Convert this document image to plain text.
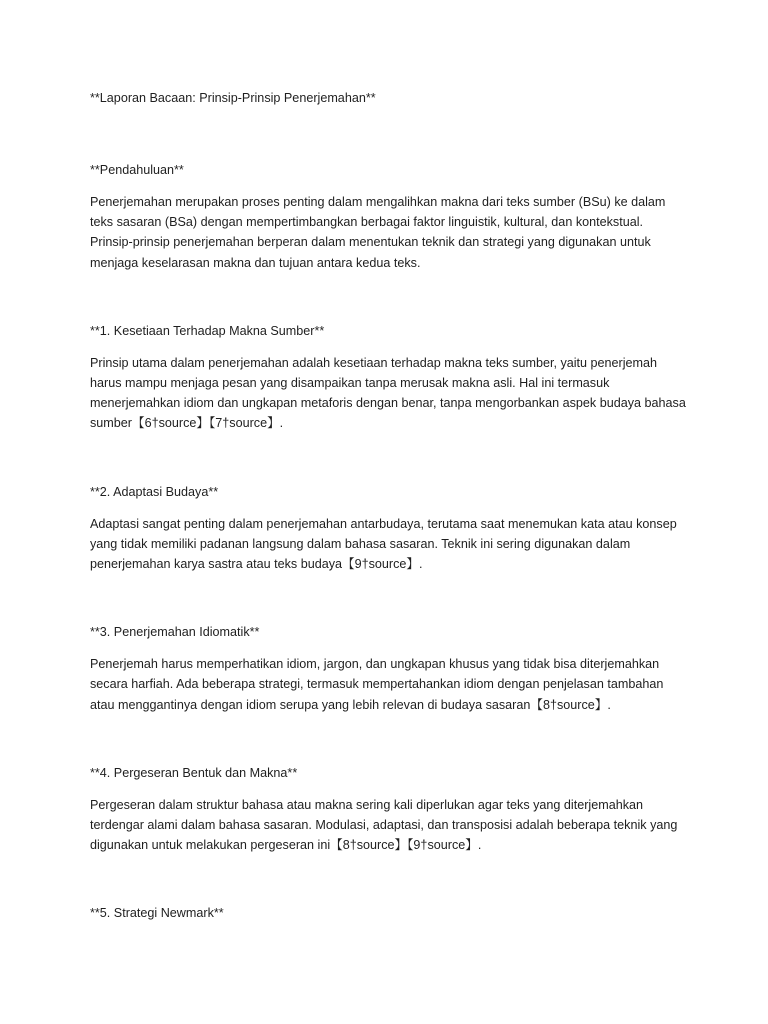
**Laporan Bacaan: Prinsip-Prinsip Penerjemahan**

**Pendahuluan**

Penerjemahan merupakan proses penting dalam mengalihkan makna dari teks sumber (BSu) ke dalam teks sasaran (BSa) dengan mempertimbangkan berbagai faktor linguistik, kultural, dan kontekstual. Prinsip-prinsip penerjemahan berperan dalam menentukan teknik dan strategi yang digunakan untuk menjaga keselarasan makna dan tujuan antara kedua teks.

**1. Kesetiaan Terhadap Makna Sumber**

Prinsip utama dalam penerjemahan adalah kesetiaan terhadap makna teks sumber, yaitu penerjemah harus mampu menjaga pesan yang disampaikan tanpa merusak makna asli. Hal ini termasuk menerjemahkan idiom dan ungkapan metaforis dengan benar, tanpa mengorbankan aspek budaya bahasa sumber【6†source】【7†source】.

**2. Adaptasi Budaya**

Adaptasi sangat penting dalam penerjemahan antarbudaya, terutama saat menemukan kata atau konsep yang tidak memiliki padanan langsung dalam bahasa sasaran. Teknik ini sering digunakan dalam penerjemahan karya sastra atau teks budaya【9†source】.

**3. Penerjemahan Idiomatik**

Penerjemah harus memperhatikan idiom, jargon, dan ungkapan khusus yang tidak bisa diterjemahkan secara harfiah. Ada beberapa strategi, termasuk mempertahankan idiom dengan penjelasan tambahan atau menggantinya dengan idiom serupa yang lebih relevan di budaya sasaran【8†source】.

**4. Pergeseran Bentuk dan Makna**

Pergeseran dalam struktur bahasa atau makna sering kali diperlukan agar teks yang diterjemahkan terdengar alami dalam bahasa sasaran. Modulasi, adaptasi, dan transposisi adalah beberapa teknik yang digunakan untuk melakukan pergeseran ini【8†source】【9†source】.

**5. Strategi Newmark**
